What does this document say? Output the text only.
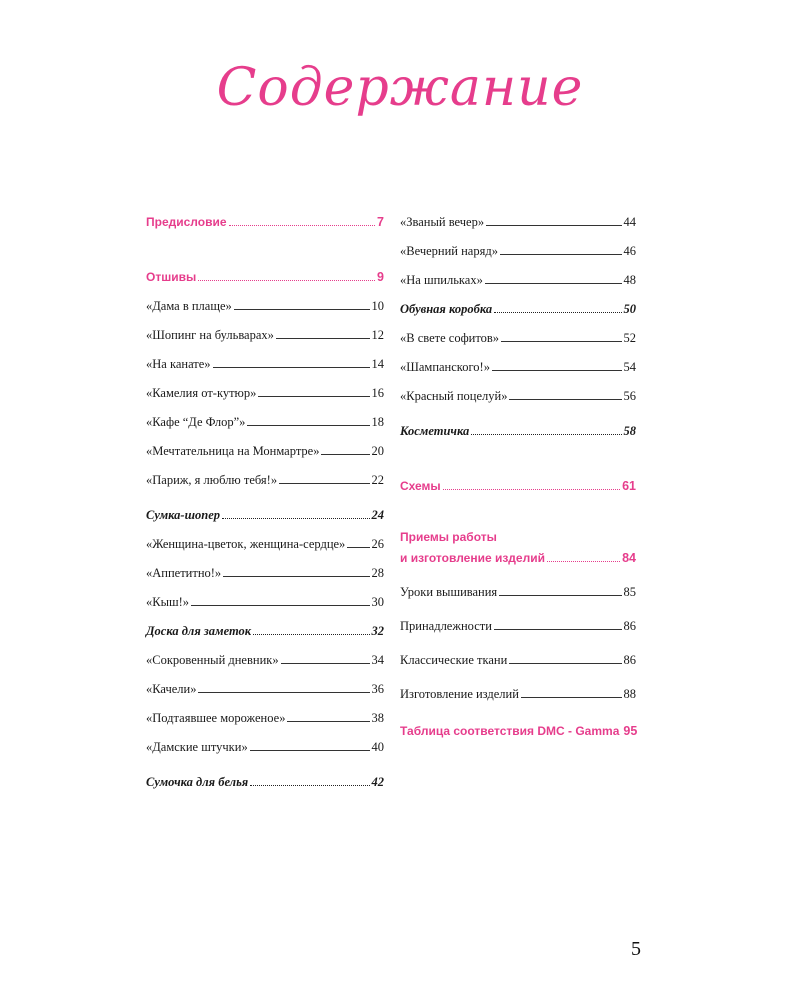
Содержание
Предисловие	7
Отшивы	9
«Дама в плаще»	10
«Шопинг на бульварах»	12
«На канате»	14
«Камелия от-кутюр»	16
«Кафе “Де Флор”»	18
«Мечтательница на Монмартре»	20
«Париж, я люблю тебя!»	22
Сумка-шопер	24
«Женщина-цветок, женщина-сердце» 26
«Аппетитно!»	28
«Кыш!»	30
Доска для заметок	32
«Сокровенный дневник»	34
«Качели»	36
«Подтаявшее мороженое»	38
«Дамские штучки»	40
Сумочка для белья	42
«Званый вечер»	44
«Вечерний наряд»	46
«На шпильках»	48
Обувная коробка	50
«В свете софитов»	52
«Шампанского!»	54
«Красный поцелуй»	56
Косметичка	58
Схемы	61
Приемы работы
и изготовление изделий	84
Уроки вышивания	85
Принадлежности	86
Классические ткани	86
Изготовление изделий	88
Таблица соответствия DMC - Gamma 95
5
